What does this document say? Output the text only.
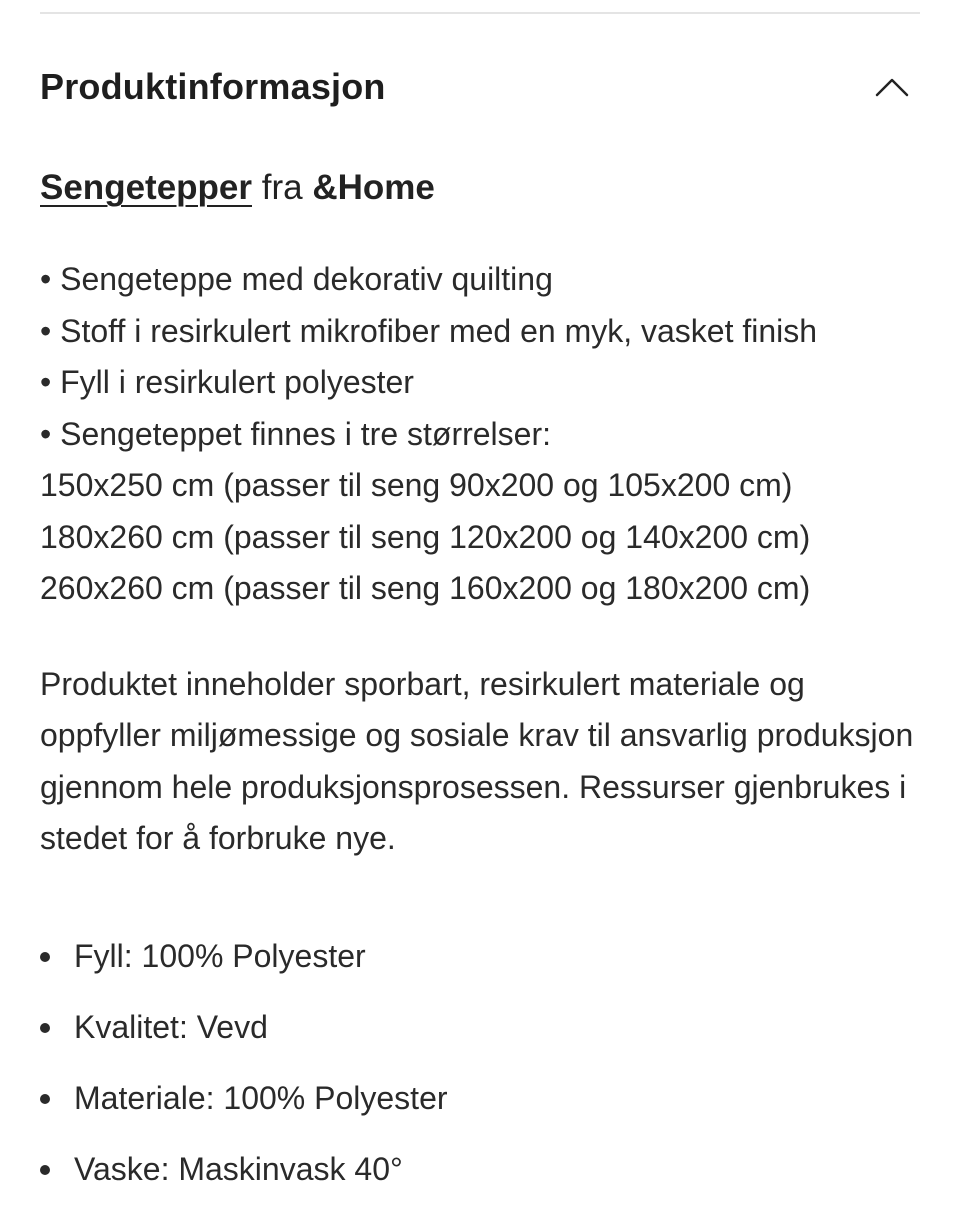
Produktinformasjon

Sengetepper fra &Home

• Sengeteppe med dekorativ quilting
• Stoff i resirkulert mikrofiber med en myk, vasket finish
• Fyll i resirkulert polyester
• Sengeteppet finnes i tre størrelser:
150x250 cm (passer til seng 90x200 og 105x200 cm)
180x260 cm (passer til seng 120x200 og 140x200 cm)
260x260 cm (passer til seng 160x200 og 180x200 cm)
Produktet inneholder sporbart, resirkulert materiale og oppfyller miljømessige og sosiale krav til ansvarlig produksjon gjennom hele produksjonsprosessen. Ressurser gjenbrukes i stedet for å forbruke nye.
Fyll: 100% Polyester
Kvalitet: Vevd
Materiale: 100% Polyester
Vaske: Maskinvask 40°
